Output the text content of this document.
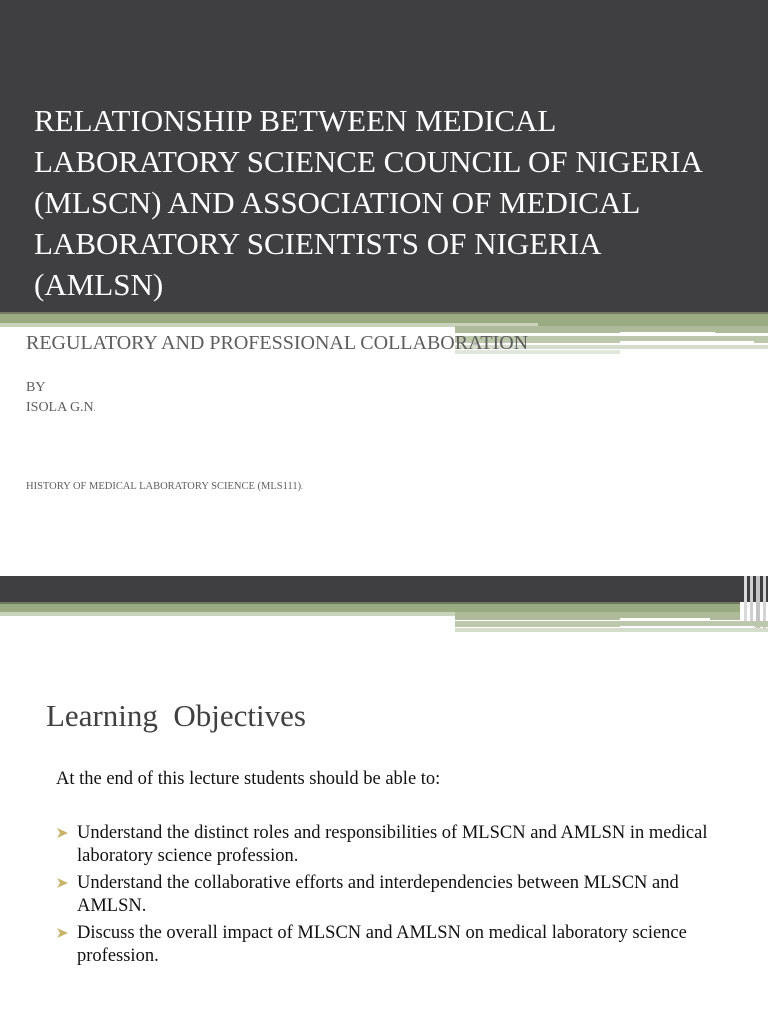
RELATIONSHIP BETWEEN MEDICAL LABORATORY SCIENCE COUNCIL OF NIGERIA (MLSCN) AND ASSOCIATION OF MEDICAL LABORATORY SCIENTISTS OF NIGERIA (AMLSN)
REGULATORY AND PROFESSIONAL COLLABORATION
BY
ISOLA G.N.
HISTORY OF MEDICAL LABORATORY SCIENCE (MLS111).
Learning  Objectives
At the end of this lecture students should be able to:
Understand the distinct roles and responsibilities of MLSCN and AMLSN in medical laboratory science profession.
Understand the collaborative efforts and interdependencies between MLSCN and AMLSN.
Discuss the overall impact of MLSCN and AMLSN on medical laboratory science profession.
